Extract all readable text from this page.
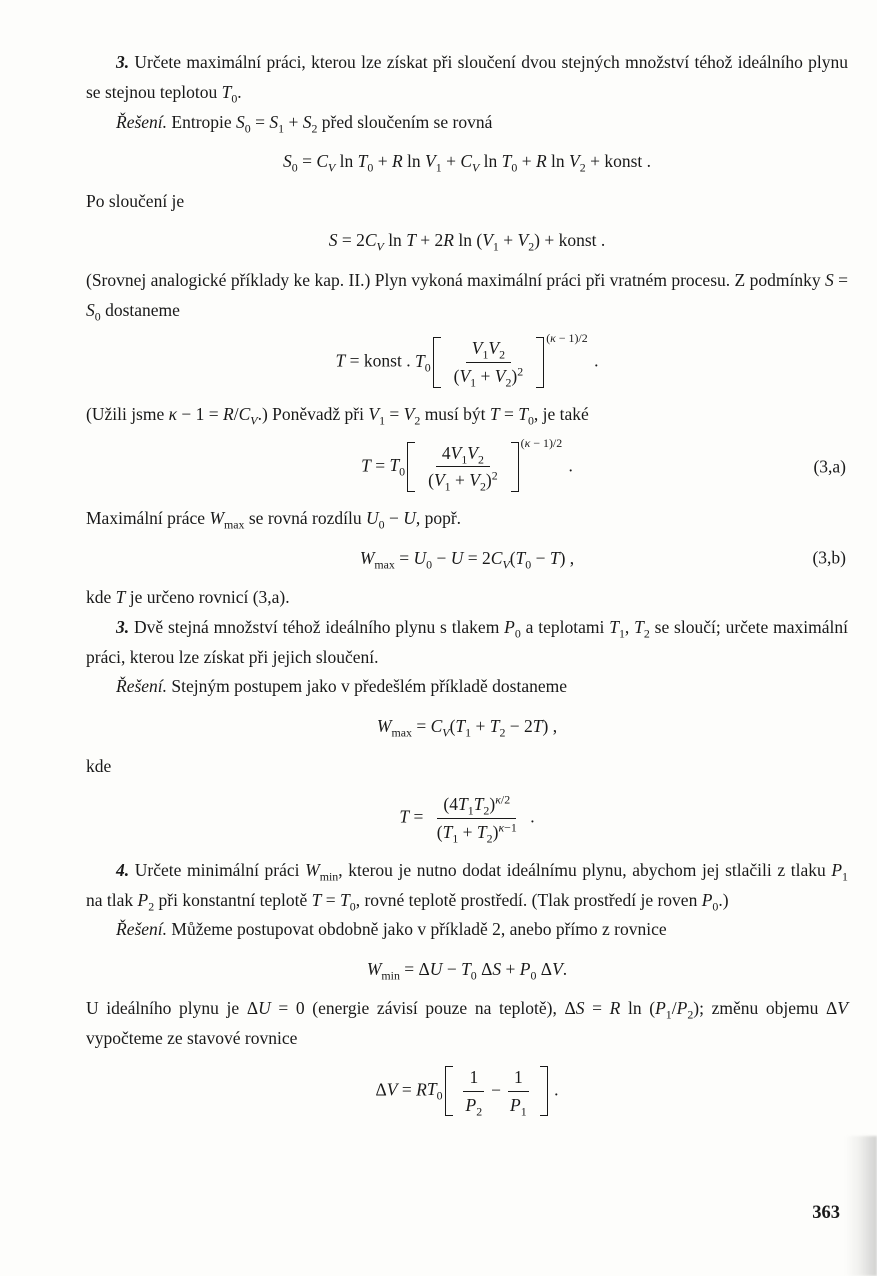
3. Určete maximální práci, kterou lze získat při sloučení dvou stejných množství téhož ideálního plynu se stejnou teplotou $T_0$.

Řešení. Entropie $S_0 = S_1 + S_2$ před sloučením se rovná

$S_0 = C_V$ $\ln T_0 + R$ $\ln V_1 + C_V$ $\ln T_0 + R$ $\ln V_2$ + konst .

Po sloučení je

$S = 2C_V$ ln T + 2R $\ln (V_1 + V_2)$ + konst .

(Srovnej analogické příklady ke kap. II.) Plyn vykoná maximální práci při vratném procesu. Z podmínky $S = S_0$ dostaneme

T = konst . $T_0 \frac{V_1V_2}{(V_1 + V_2)^2} (\kappa - 1)/2$
.

(Užili jsme $\kappa - 1 = R/C_V$.) Poněvadž při $V_1 = V_2$ musí být $T = T_0$, je také

$T = T_0 \frac{4V_1V_2}{(V_1 + V_2)^2} (\kappa - 1)/2$
.	(3,a)

Maximální práce $W_{max}$ se rovná rozdílu $U_0 - U$, popř.

$W_{max} = U_0 - U = 2C_V(T_0 - T)$ ,	(3,b)

kde T je určeno rovnicí (3,a).

3. Dvě stejná množství téhož ideálního plynu s tlakem $P_0$ a teplotami $T_1$, $T_2$ se sloučí; určete maximální práci, kterou lze získat při jejich sloučení.

Řešení. Stejným postupem jako v předešlém příkladě dostaneme

$W_{max} = C_V(T_1 + T_2 - 2T)$ ,

kde

$T = \frac{(4T_1T_2)^{\kappa/2}}{(T_1 + T_2)^{\kappa-1}}$ .

4. Určete minimální práci $W_{min}$, kterou je nutno dodat ideálnímu plynu, abychom jej stlačili z tlaku $P_1$ na tlak $P_2$ při konstantní teplotě $T = T_0$, rovné teplotě prostředí. (Tlak prostředí je roven $P_0$.)

Řešení. Můžeme postupovat obdobně jako v příkladě 2, anebo přímo z rovnice

$W_{min} = \Delta U - T_0$ $\Delta S + P_0$ ΔV.

U ideálního plynu je ΔU = 0 (energie závisí pouze na teplotě), ΔS = R $\ln (P_1/P_2)$; změnu objemu ΔV vypočteme ze stavové rovnice

$\Delta V = RT_0 \frac{1}{P_2} - \frac{1}{P_1}$ .
363
